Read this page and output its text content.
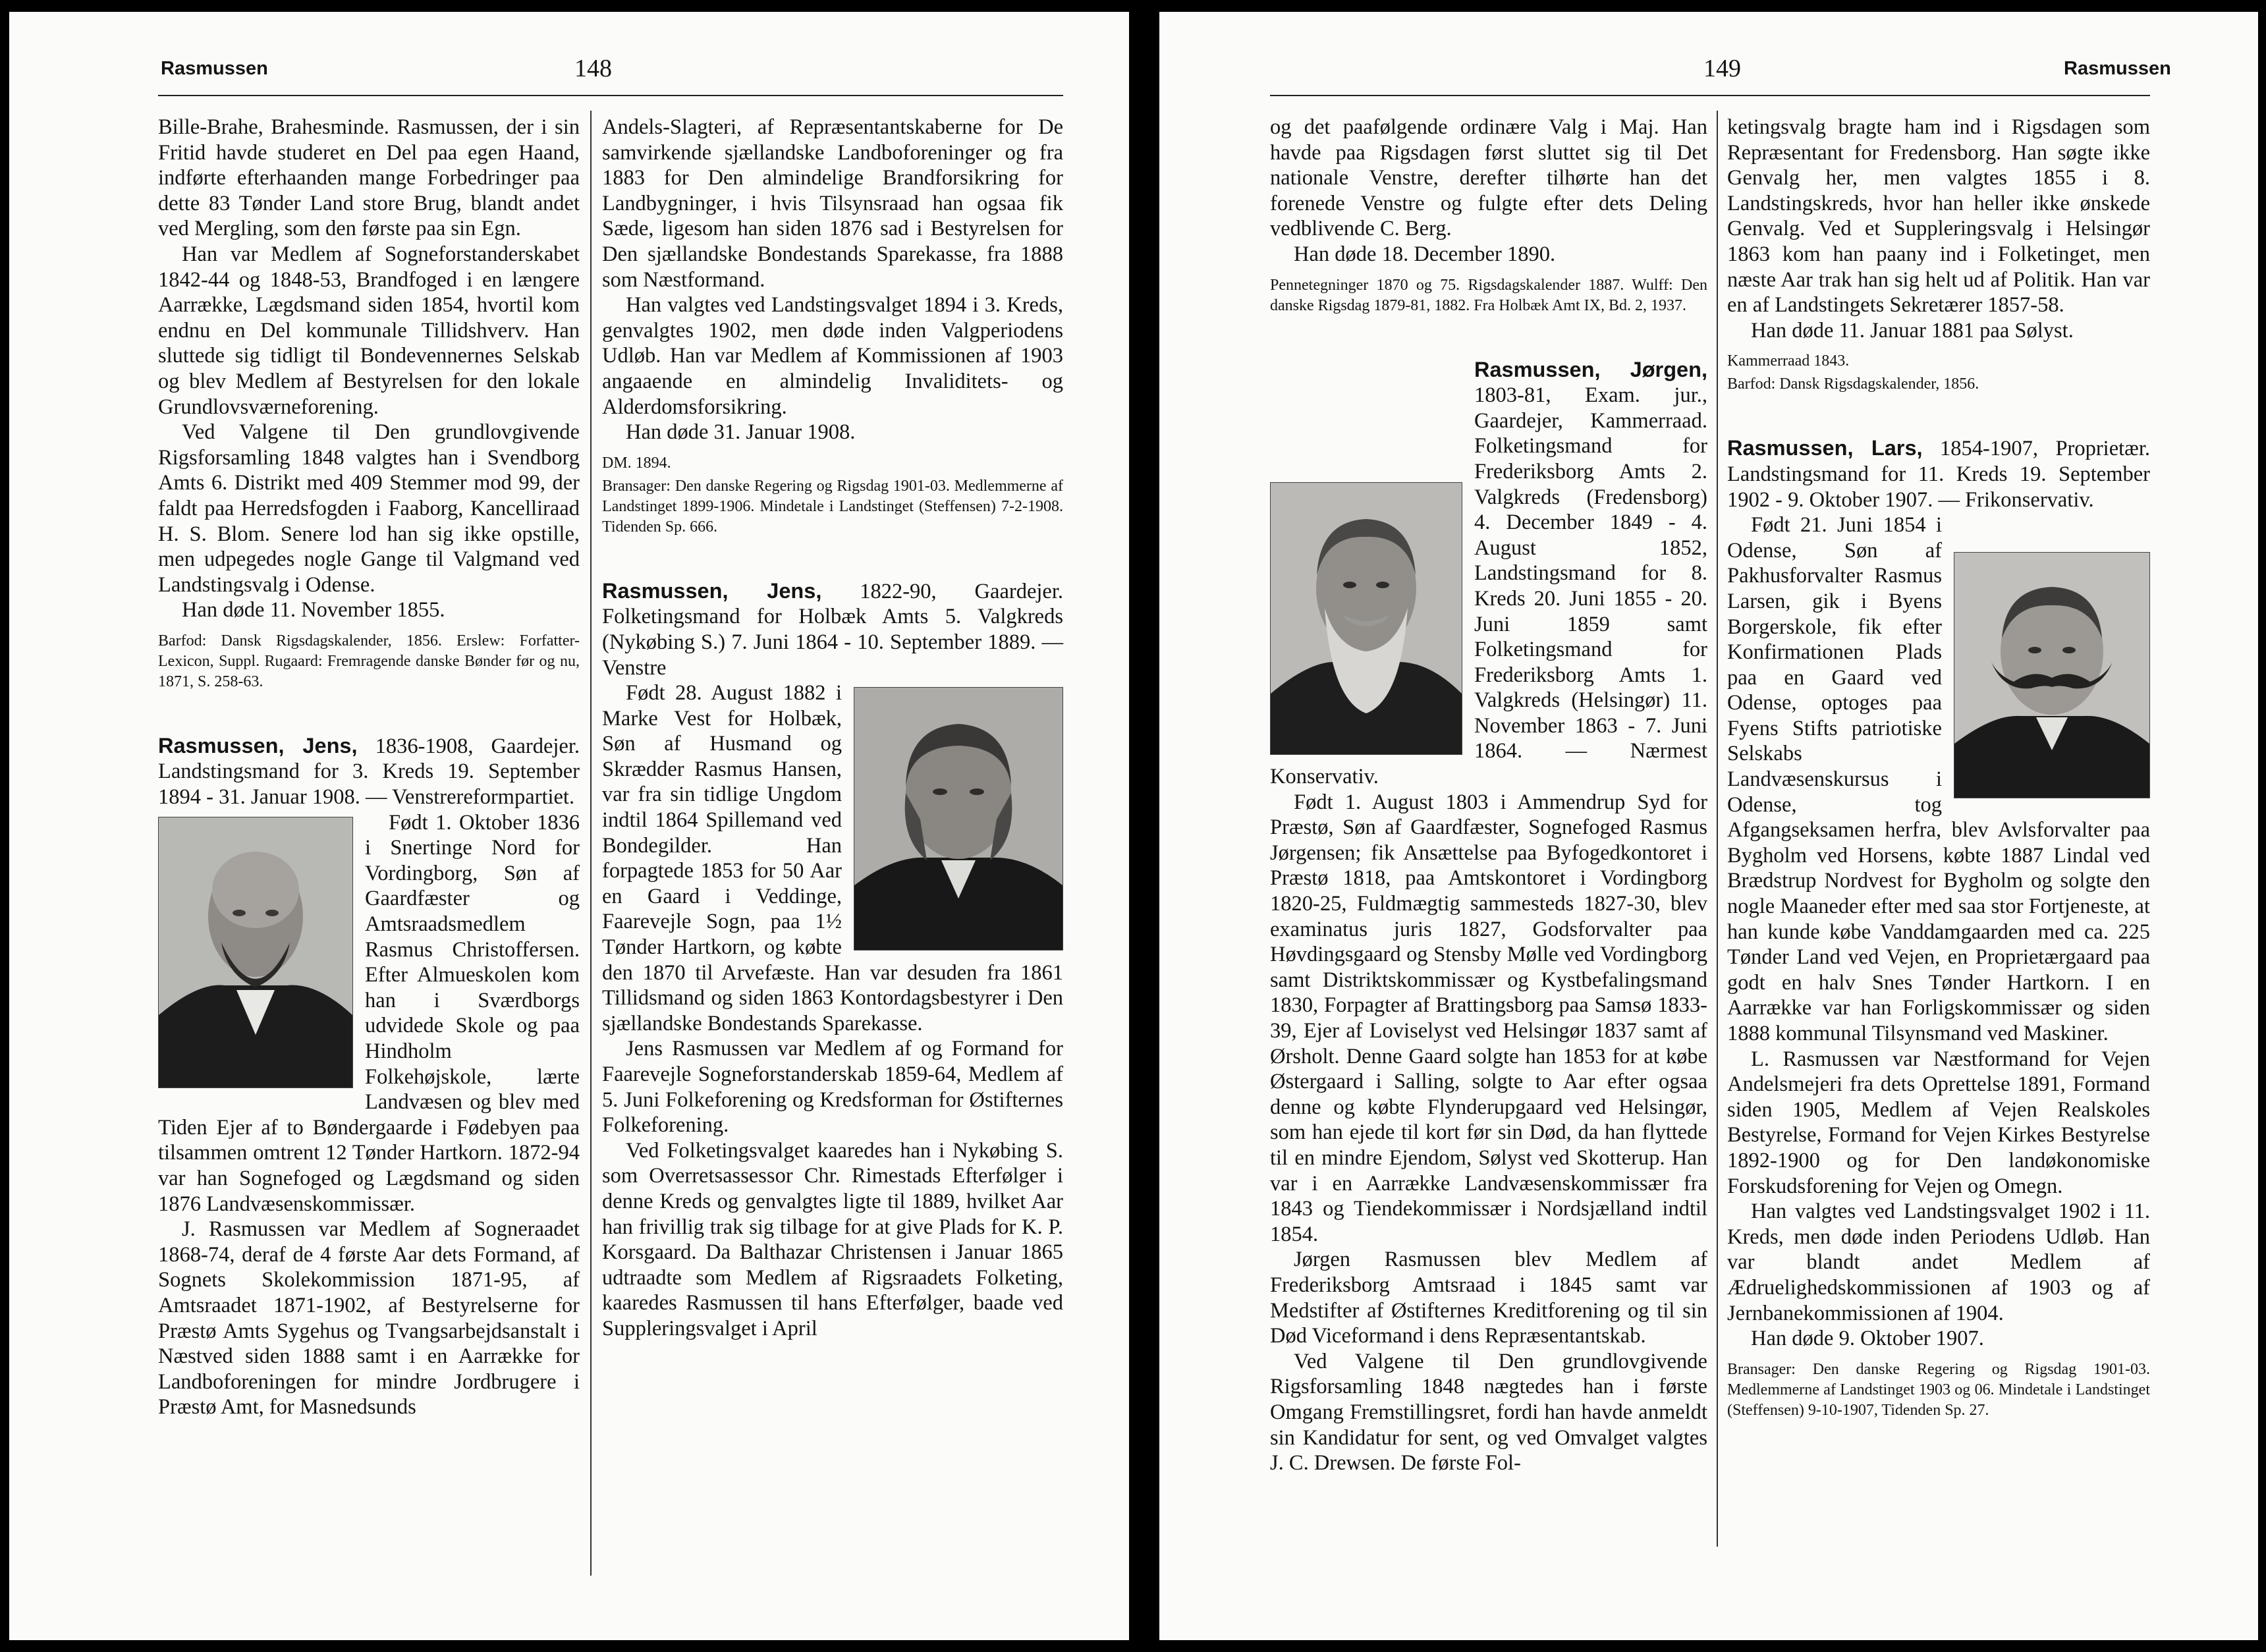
Rasmussen	148

Bille-Brahe, Brahesminde. Rasmussen, der i sin Fritid havde studeret en Del paa egen Haand, indførte efterhaanden mange Forbedringer paa dette 83 Tønder Land store Brug, blandt andet ved Mergling, som den første paa sin Egn.

Han var Medlem af Sogneforstanderskabet 1842-44 og 1848-53, Brandfoged i en længere Aarrække, Lægdsmand siden 1854, hvortil kom endnu en Del kommunale Tillidshverv. Han sluttede sig tidligt til Bondevennernes Selskab og blev Medlem af Bestyrelsen for den lokale Grundlovsværneforening.

Ved Valgene til Den grundlovgivende Rigsforsamling 1848 valgtes han i Svendborg Amts 6. Distrikt med 409 Stemmer mod 99, der faldt paa Herredsfogden i Faaborg, Kancelliraad H. S. Blom. Senere lod han sig ikke opstille, men udpegedes nogle Gange til Valgmand ved Landstingsvalg i Odense.

Han døde 11. November 1855.

Barfod: Dansk Rigsdagskalender, 1856. Erslew: Forfatter-Lexicon, Suppl. Rugaard: Fremragende danske Bønder før og nu, 1871, S. 258-63.

Rasmussen, Jens, 1836-1908, Gaardejer. Landstingsmand for 3. Kreds 19. September 1894 - 31. Januar 1908. — Venstrereformpartiet.

Født 1. Oktober 1836 i Snertinge Nord for Vordingborg, Søn af Gaardfæster og Amtsraadsmedlem Rasmus Christoffersen. Efter Almueskolen kom han i Sværdborgs udvidede Skole og paa Hindholm Folkehøjskole, lærte Landvæsen og blev med Tiden Ejer af to Bøndergaarde i Fødebyen paa tilsammen omtrent 12 Tønder Hartkorn. 1872-94 var han Sognefoged og Lægdsmand og siden 1876 Landvæsenskommissær.

J. Rasmussen var Medlem af Sogneraadet 1868-74, deraf de 4 første Aar dets Formand, af Sognets Skolekommission 1871-95, af Amtsraadet 1871-1902, af Bestyrelserne for Præstø Amts Sygehus og Tvangsarbejdsanstalt i Næstved siden 1888 samt i en Aarrække for Landboforeningen for mindre Jordbrugere i Præstø Amt, for Masnedsunds

Andels-Slagteri, af Repræsentantskaberne for De samvirkende sjællandske Landboforeninger og fra 1883 for Den almindelige Brandforsikring for Landbygninger, i hvis Tilsynsraad han ogsaa fik Sæde, ligesom han siden 1876 sad i Bestyrelsen for Den sjællandske Bondestands Sparekasse, fra 1888 som Næstformand.

Han valgtes ved Landstingsvalget 1894 i 3. Kreds, genvalgtes 1902, men døde inden Valgperiodens Udløb. Han var Medlem af Kommissionen af 1903 angaaende en almindelig Invaliditets- og Alderdomsforsikring.

Han døde 31. Januar 1908.

DM. 1894.

Bransager: Den danske Regering og Rigsdag 1901-03. Medlemmerne af Landstinget 1899-1906. Mindetale i Landstinget (Steffensen) 7-2-1908. Tidenden Sp. 666.

Rasmussen, Jens, 1822-90, Gaardejer. Folketingsmand for Holbæk Amts 5. Valgkreds (Nykøbing S.) 7. Juni 1864 - 10. September 1889. — Venstre

Født 28. August 1882 i Marke Vest for Holbæk, Søn af Husmand og Skrædder Rasmus Hansen, var fra sin tidlige Ungdom indtil 1864 Spillemand ved Bondegilder. Han forpagtede 1853 for 50 Aar en Gaard i Veddinge, Faarevejle Sogn, paa 1½ Tønder Hartkorn, og købte den 1870 til Arvefæste. Han var desuden fra 1861 Tillidsmand og siden 1863 Kontordagsbestyrer i Den sjællandske Bondestands Sparekasse.

Jens Rasmussen var Medlem af og Formand for Faarevejle Sogneforstanderskab 1859-64, Medlem af 5. Juni Folkeforening og Kredsforman for Østifternes Folkeforening.

Ved Folketingsvalget kaaredes han i Nykøbing S. som Overretsassessor Chr. Rimestads Efterfølger i denne Kreds og genvalgtes ligte til 1889, hvilket Aar han frivillig trak sig tilbage for at give Plads for K. P. Korsgaard. Da Balthazar Christensen i Januar 1865 udtraadte som Medlem af Rigsraadets Folketing, kaaredes Rasmussen til hans Efterfølger, baade ved Suppleringsvalget i April

Rasmussen
149

og det paafølgende ordinære Valg i Maj. Han havde paa Rigsdagen først sluttet sig til Det nationale Venstre, derefter tilhørte han det forenede Venstre og fulgte efter dets Deling vedblivende C. Berg.

Han døde 18. December 1890.

Pennetegninger 1870 og 75. Rigsdagskalender 1887. Wulff: Den danske Rigsdag 1879-81, 1882. Fra Holbæk Amt IX, Bd. 2, 1937.

Rasmussen, Jørgen, 1803-81, Exam. jur., Gaardejer, Kammerraad. Folketingsmand for Frederiksborg Amts 2. Valgkreds (Fredensborg) 4. December 1849 - 4. August 1852, Landstingsmand for 8. Kreds 20. Juni 1855 - 20. Juni 1859 samt Folketingsmand for Frederiksborg Amts 1. Valgkreds (Helsingør) 11. November 1863 - 7. Juni 1864. — Nærmest Konservativ.

Født 1. August 1803 i Ammendrup Syd for Præstø, Søn af Gaardfæster, Sognefoged Rasmus Jørgensen; fik Ansættelse paa Byfogedkontoret i Præstø 1818, paa Amtskontoret i Vordingborg 1820-25, Fuldmægtig sammesteds 1827-30, blev examinatus juris 1827, Godsforvalter paa Høvdingsgaard og Stensby Mølle ved Vordingborg samt Distriktskommissær og Kystbefalingsmand 1830, Forpagter af Brattingsborg paa Samsø 1833-39, Ejer af Loviselyst ved Helsingør 1837 samt af Ørsholt. Denne Gaard solgte han 1853 for at købe Østergaard i Salling, solgte to Aar efter ogsaa denne og købte Flynderupgaard ved Helsingør, som han ejede til kort før sin Død, da han flyttede til en mindre Ejendom, Sølyst ved Skotterup. Han var i en Aarrække Landvæsenskommissær fra 1843 og Tiendekommissær i Nordsjælland indtil 1854.

Jørgen Rasmussen blev Medlem af Frederiksborg Amtsraad i 1845 samt var Medstifter af Østifternes Kreditforening og til sin Død Viceformand i dens Repræsentantskab.

Ved Valgene til Den grundlovgivende Rigsforsamling 1848 nægtedes han i første Omgang Fremstillingsret, fordi han havde anmeldt sin Kandidatur for sent, og ved Omvalget valgtes J. C. Drewsen. De første Fol-

ketingsvalg bragte ham ind i Rigsdagen som Repræsentant for Fredensborg. Han søgte ikke Genvalg her, men valgtes 1855 i 8. Landstingskreds, hvor han heller ikke ønskede Genvalg. Ved et Suppleringsvalg i Helsingør 1863 kom han paany ind i Folketinget, men næste Aar trak han sig helt ud af Politik. Han var en af Landstingets Sekretærer 1857-58.

Han døde 11. Januar 1881 paa Sølyst.

Kammerraad 1843.

Barfod: Dansk Rigsdagskalender, 1856.

Rasmussen, Lars, 1854-1907, Proprietær. Landstingsmand for 11. Kreds 19. September 1902 - 9. Oktober 1907. — Frikonservativ.

Født 21. Juni 1854 i Odense, Søn af Pakhusforvalter Rasmus Larsen, gik i Byens Borgerskole, fik efter Konfirmationen Plads paa en Gaard ved Odense, optoges paa Fyens Stifts patriotiske Selskabs Landvæsenskursus i Odense, tog Afgangseksamen herfra, blev Avlsforvalter paa Bygholm ved Horsens, købte 1887 Lindal ved Brædstrup Nordvest for Bygholm og solgte den nogle Maaneder efter med saa stor Fortjeneste, at han kunde købe Vanddamgaarden med ca. 225 Tønder Land ved Vejen, en Proprietærgaard paa godt en halv Snes Tønder Hartkorn. I en Aarrække var han Forligskommissær og siden 1888 kommunal Tilsynsmand ved Maskiner.

L. Rasmussen var Næstformand for Vejen Andelsmejeri fra dets Oprettelse 1891, Formand siden 1905, Medlem af Vejen Realskoles Bestyrelse, Formand for Vejen Kirkes Bestyrelse 1892-1900 og for Den landøkonomiske Forskudsforening for Vejen og Omegn.

Han valgtes ved Landstingsvalget 1902 i 11. Kreds, men døde inden Periodens Udløb. Han var blandt andet Medlem af Ædruelighedskommissionen af 1903 og af Jernbanekommissionen af 1904.

Han døde 9. Oktober 1907.

Bransager: Den danske Regering og Rigsdag 1901-03. Medlemmerne af Landstinget 1903 og 06. Mindetale i Landstinget (Steffensen) 9-10-1907, Tidenden Sp. 27.
